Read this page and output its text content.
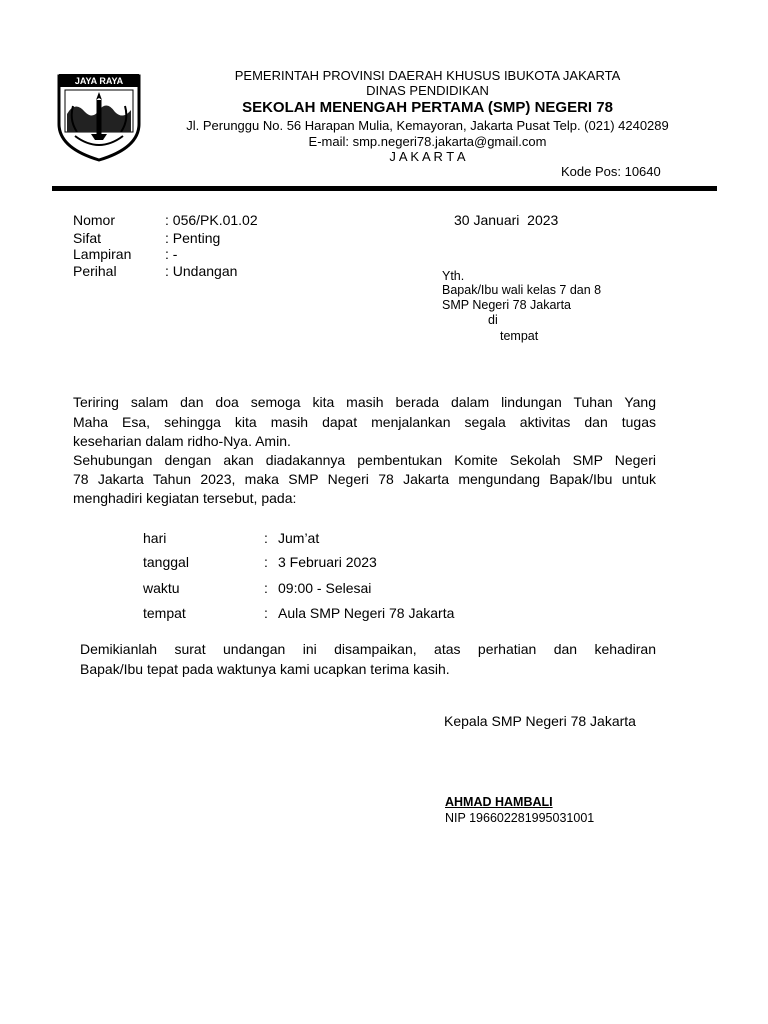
JAYA RAYA	PEMERINTAH PROVINSI DAERAH KHUSUS IBUKOTA JAKARTA
DINAS PENDIDIKAN
SEKOLAH MENENGAH PERTAMA (SMP) NEGERI 78
Jl. Perunggu No. 56 Harapan Mulia, Kemayoran, Jakarta Pusat Telp. (021) 4240289
E-mail: smp.negeri78.jakarta@gmail.com
J A K A R T A
Kode Pos: 10640
Nomor	: 056/PK.01.02
Sifat	: Penting
Lampiran : -
Perihal	: Undangan
30 Januari  2023
Yth.
Bapak/Ibu wali kelas 7 dan 8
SMP Negeri 78 Jakarta
di
tempat
Teriring salam dan doa semoga kita masih berada dalam lindungan Tuhan Yang
Maha Esa, sehingga kita masih dapat menjalankan segala aktivitas dan tugas
keseharian dalam ridho-Nya. Amin.
Sehubungan dengan akan diadakannya pembentukan Komite Sekolah SMP Negeri
78 Jakarta Tahun 2023, maka SMP Negeri 78 Jakarta mengundang Bapak/Ibu untuk
menghadiri kegiatan tersebut, pada:
hari	: Jum’at
tanggal	: 3 Februari 2023
waktu	: 09:00 - Selesai
tempat	: Aula SMP Negeri 78 Jakarta
Demikianlah surat undangan ini disampaikan, atas perhatian dan kehadiran
Bapak/Ibu tepat pada waktunya kami ucapkan terima kasih.
Kepala SMP Negeri 78 Jakarta
AHMAD HAMBALI
NIP 196602281995031001
